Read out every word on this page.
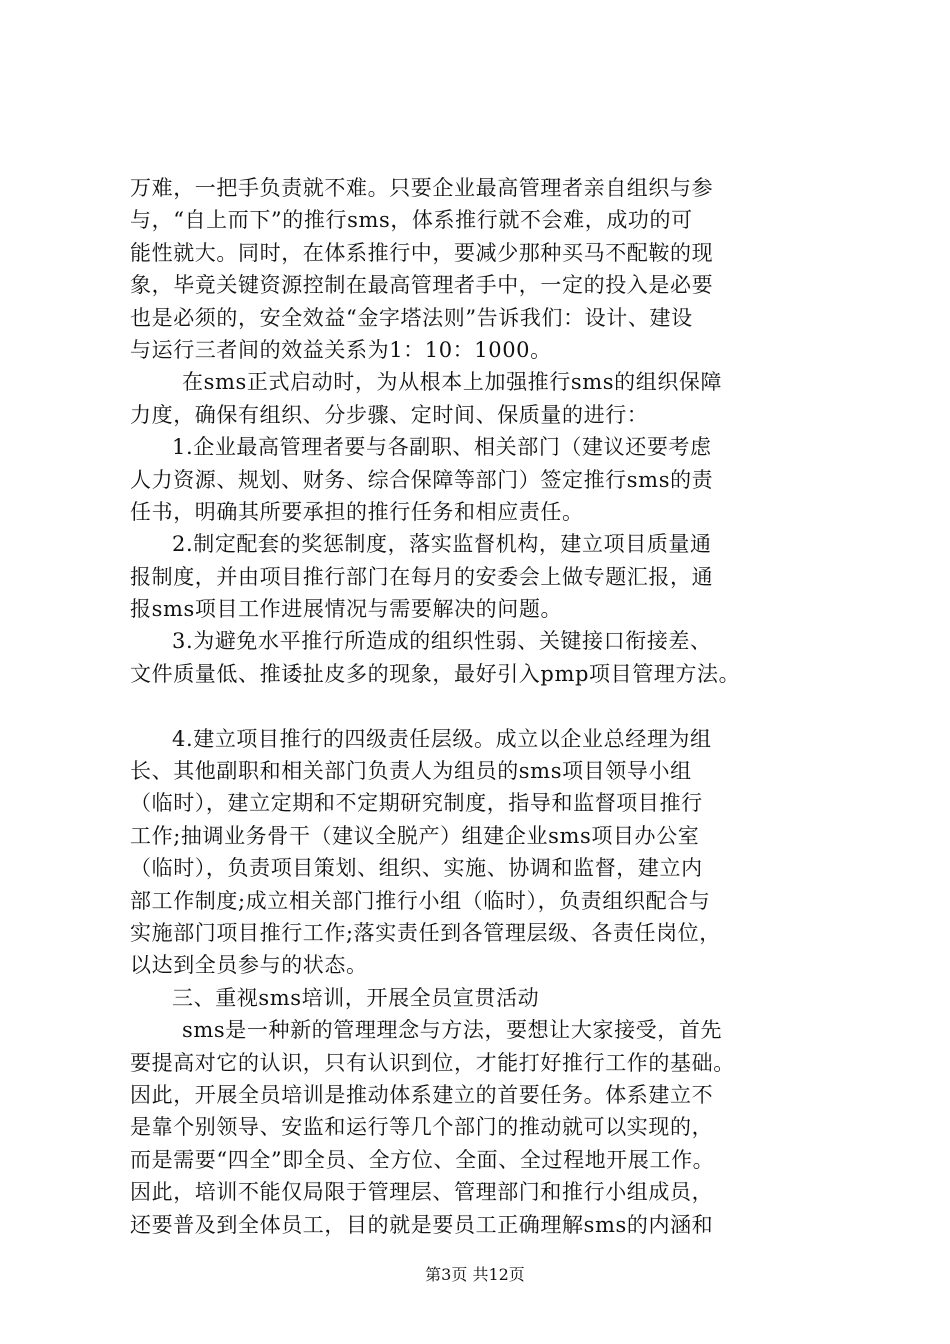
万难，一把手负责就不难。只要企业最高管理者亲自组织与参
与，“自上而下”的推行sms，体系推行就不会难，成功的可
能性就大。同时，在体系推行中，要减少那种买马不配鞍的现
象，毕竟关键资源控制在最高管理者手中，一定的投入是必要
也是必须的，安全效益“金字塔法则”告诉我们：设计、建设
与运行三者间的效益关系为1：10：1000。
在sms正式启动时，为从根本上加强推行sms的组织保障
力度，确保有组织、分步骤、定时间、保质量的进行：
1.企业最高管理者要与各副职、相关部门（建议还要考虑
人力资源、规划、财务、综合保障等部门）签定推行sms的责
任书，明确其所要承担的推行任务和相应责任。
2.制定配套的奖惩制度，落实监督机构，建立项目质量通
报制度，并由项目推行部门在每月的安委会上做专题汇报，通
报sms项目工作进展情况与需要解决的问题。
3.为避免水平推行所造成的组织性弱、关键接口衔接差、
文件质量低、推诿扯皮多的现象，最好引入pmp项目管理方法。
4.建立项目推行的四级责任层级。成立以企业总经理为组
长、其他副职和相关部门负责人为组员的sms项目领导小组
（临时），建立定期和不定期研究制度，指导和监督项目推行
工作;抽调业务骨干（建议全脱产）组建企业sms项目办公室
（临时），负责项目策划、组织、实施、协调和监督，建立内
部工作制度;成立相关部门推行小组（临时），负责组织配合与
实施部门项目推行工作;落实责任到各管理层级、各责任岗位，
以达到全员参与的状态。
三、重视sms培训，开展全员宣贯活动
sms是一种新的管理理念与方法，要想让大家接受，首先
要提高对它的认识，只有认识到位，才能打好推行工作的基础。
因此，开展全员培训是推动体系建立的首要任务。体系建立不
是靠个别领导、安监和运行等几个部门的推动就可以实现的，
而是需要“四全”即全员、全方位、全面、全过程地开展工作。
因此，培训不能仅局限于管理层、管理部门和推行小组成员，
还要普及到全体员工，目的就是要员工正确理解sms的内涵和
第3页 共12页
